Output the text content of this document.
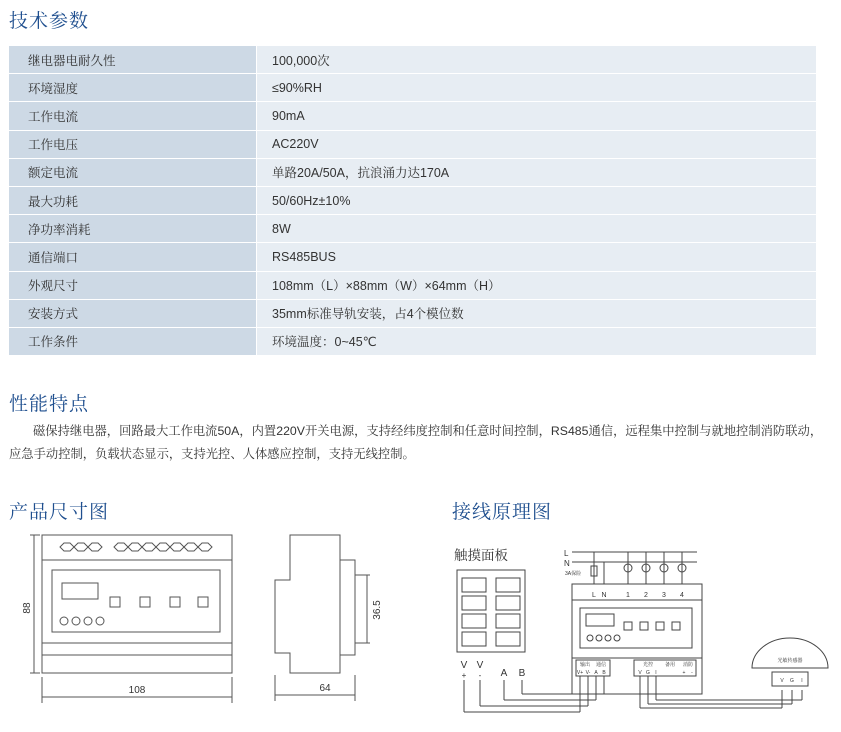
技术参数
继电器电耐久性	100,000次
环境湿度	≤90%RH
工作电流	90mA
工作电压	AC220V
额定电流	单路20A/50A，抗浪涌力达170A
最大功耗	50/60Hz±10%
净功率消耗	8W
通信端口	RS485BUS
外观尺寸	108mm（L）×88mm（W）×64mm（H）
安装方式	35mm标准导轨安装，占4个模位数
工作条件	环境温度：0~45℃
性能特点

磁保持继电器，回路最大工作电流50A，内置220V开关电源，支持经纬度控制和任意时间控制，RS485通信，远程集中控制与就地控制消防联动，应急手动控制，负载状态显示，支持光控、人体感应控制，支持无线控制。

产品尺寸图	接线原理图
88
108
36.5
64
触摸面板	L
N
3A保险
L N	1 2 3 4
输出 通信
V+ V- A B
光控 备用 消防
V G I	+ -
光敏传感器
V G I
V V
A B
+ -
